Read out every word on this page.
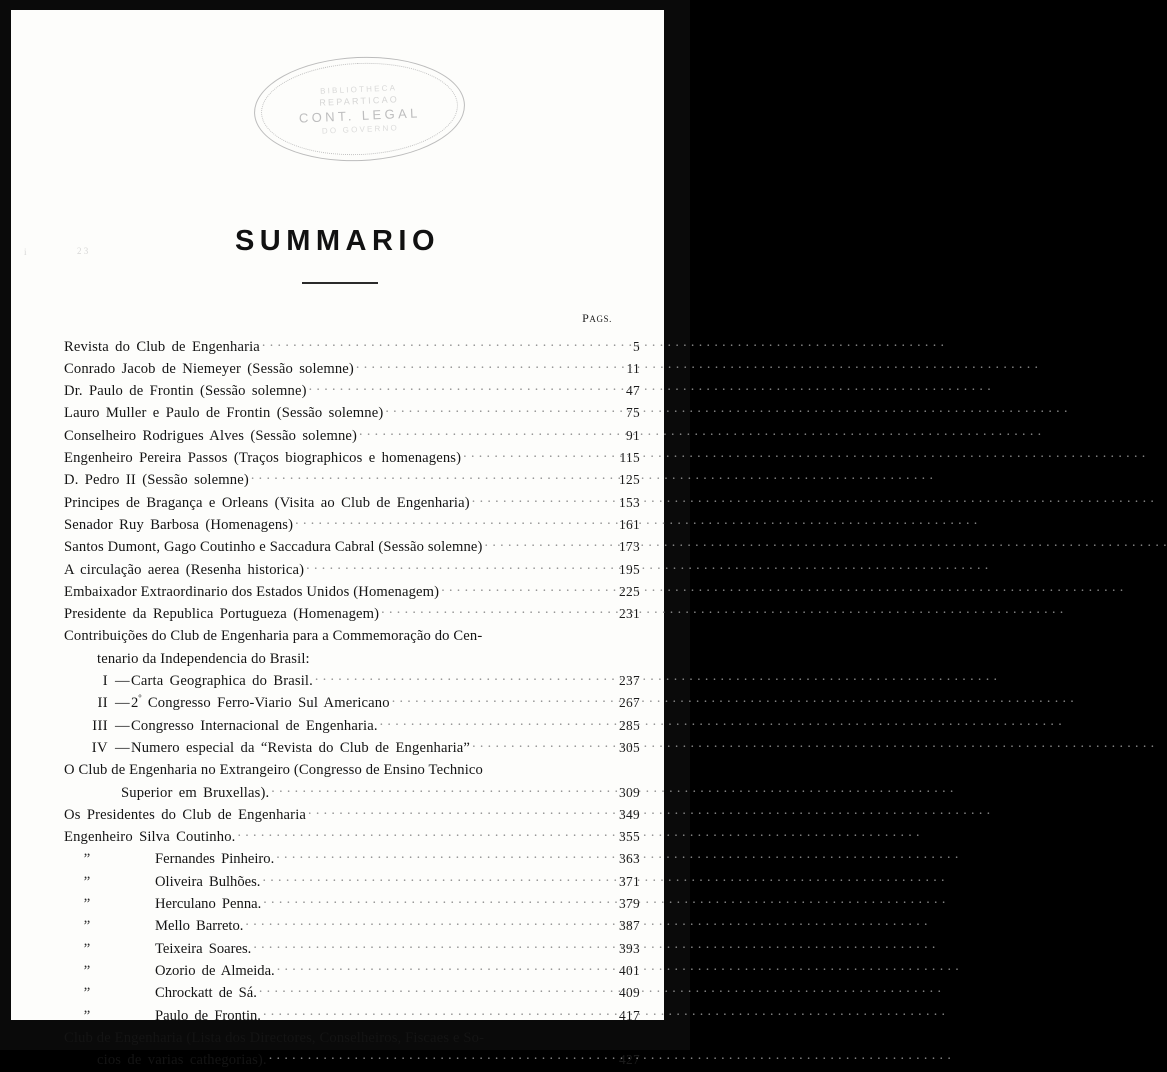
BIBLIOTHECA
REPARTICAO
CONT. LEGAL
DO GOVERNO
i	2 3	SUMMARIO
PAGS.
Revista do Club de Engenharia . . .	5
Conrado Jacob de Niemeyer (Sessão solemne) . . .	11
Dr. Paulo de Frontin (Sessão solemne) . . .	47
Lauro Muller e Paulo de Frontin (Sessão solemne) . . .	75
Conselheiro Rodrigues Alves (Sessão solemne) . . .	91
Engenheiro Pereira Passos (Traços biographicos e homenagens) . . .	115
D. Pedro II (Sessão solemne) . . .	125
Principes de Bragança e Orleans (Visita ao Club de Engenharia) . . .	153
Senador Ruy Barbosa (Homenagens) . . .	161
Santos Dumont, Gago Coutinho e Saccadura Cabral (Sessão solemne) . . .	173
A circulação aerea (Resenha historica) . . .	195
Embaixador Extraordinario dos Estados Unidos (Homenagem) . . .	225
Presidente da Republica Portugueza (Homenagem) . . .	231
Contribuições do Club de Engenharia para a Commemoração do Cen-
tenario da Independencia do Brasil:
I — Carta Geographica do Brasil. . . .	237
II — $2^º$ Congresso Ferro-Viario Sul Americano . . .	267
III — Congresso Internacional de Engenharia. . . .	285
IV — Numero especial da “Revista do Club de Engenharia” . . .	305
O Club de Engenharia no Extrangeiro (Congresso de Ensino Technico
Superior em Bruxellas). . . .	309
Os Presidentes do Club de Engenharia . . .	349
Engenheiro Silva Coutinho. . . .	355
”	Fernandes Pinheiro. . . .	363
”	Oliveira Bulhões. . . .	371
”	Herculano Penna. . . .	379
”	Mello Barreto. . . .	387
”	Teixeira Soares. . . .	393
”	Ozorio de Almeida. . . .	401
”	Chrockatt de Sá. . . .	409
”	Paulo de Frontin. . . .	417
Club de Engenharia (Lista dos Directores, Conselheiros, Fiscaes e So-
cios de varias cathegorias). . . .	427
